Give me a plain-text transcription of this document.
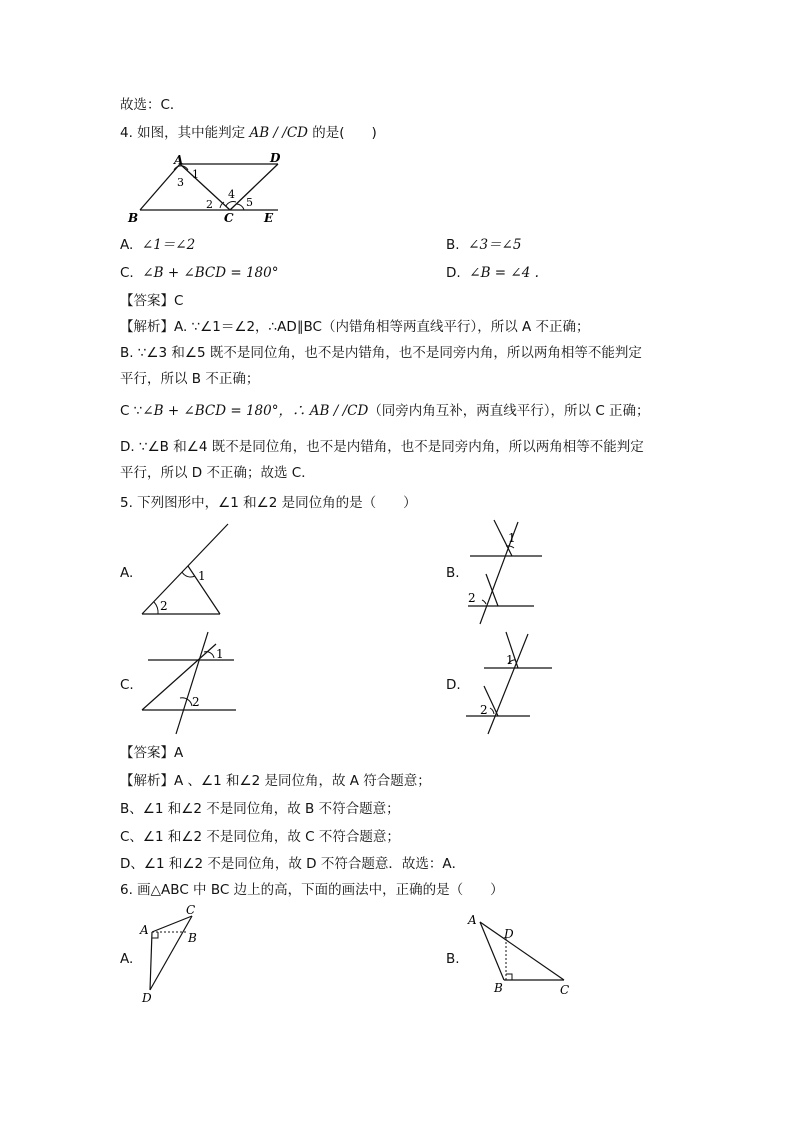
故选：C．
4. 如图，其中能判定 AB / /CD 的是(　　)
A	D
B	C	E
1
2
3
4
5
A. ∠1＝∠2	B. ∠3＝∠5
C. ∠B + ∠BCD = 180°	D. ∠B = ∠4 .
【答案】C
【解析】A. ∵∠1＝∠2，∴AD∥BC（内错角相等两直线平行），所以 A 不正确；
B. ∵∠3 和∠5 既不是同位角，也不是内错角，也不是同旁内角，所以两角相等不能判定
平行，所以 B 不正确；
C ∵∠B + ∠BCD = 180°，∴ AB / /CD（同旁内角互补，两直线平行），所以 C 正确；
D. ∵∠B 和∠4 既不是同位角，也不是内错角，也不是同旁内角，所以两角相等不能判定
平行，所以 D 不正确；故选 C．
5. 下列图形中，∠1 和∠2 是同位角的是（　　）
A.	1
2
B.
1
2
C.
1
2
D.
1
2
【答案】A
【解析】A 、∠1 和∠2 是同位角，故 A 符合题意；
B、∠1 和∠2 不是同位角，故 B 不符合题意；
C、∠1 和∠2 不是同位角，故 C 不符合题意；
D、∠1 和∠2 不是同位角，故 D 不符合题意．故选：A．
6. 画△ABC 中 BC 边上的高，下面的画法中，正确的是（　　）
A.
A
B
C
D
B.
A
D
B	C
